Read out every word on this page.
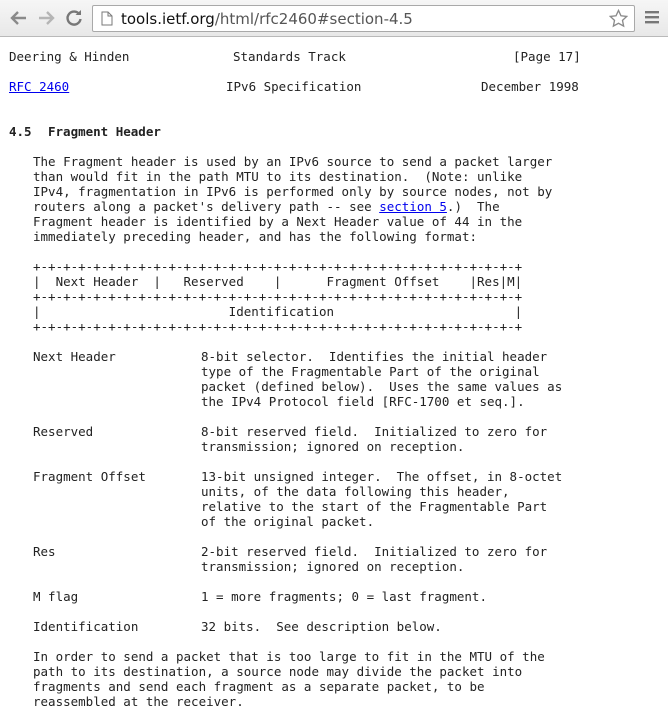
tools.ietf.org/html/rfc2460#section-4.5

Deering & Hinden

	Standards Track

	[Page 17]

RFC 2460

	IPv6 Specification

	December 1998

4.5

Fragment Header

The Fragment header is used by an IPv6 source to send a packet larger

than would fit in the path MTU to its destination.  (Note: unlike

IPv4, fragmentation in IPv6 is performed only by source nodes, not by

routers along a packet's delivery path -- see section 5.)  The

Fragment header is identified by a Next Header value of 44 in the

immediately preceding header, and has the following format:

+-+-+-+-+-+-+-+-+-+-+-+-+-+-+-+-+-+-+-+-+-+-+-+-+-+-+-+-+-+-+-+-+

|  Next Header  |   Reserved    |      Fragment Offset    |Res|M|

+-+-+-+-+-+-+-+-+-+-+-+-+-+-+-+-+-+-+-+-+-+-+-+-+-+-+-+-+-+-+-+-+

|                         Identification                        |

+-+-+-+-+-+-+-+-+-+-+-+-+-+-+-+-+-+-+-+-+-+-+-+-+-+-+-+-+-+-+-+-+

Next Header

	8-bit selector.  Identifies the initial header

type of the Fragmentable Part of the original

packet (defined below).  Uses the same values as

the IPv4 Protocol field [RFC-1700 et seq.].

Reserved

	8-bit reserved field.  Initialized to zero for

transmission; ignored on reception.

Fragment Offset

	13-bit unsigned integer.  The offset, in 8-octet

units, of the data following this header,

relative to the start of the Fragmentable Part

of the original packet.

Res

	2-bit reserved field.  Initialized to zero for

transmission; ignored on reception.

M flag

	1 = more fragments; 0 = last fragment.

Identification

	32 bits.  See description below.

In order to send a packet that is too large to fit in the MTU of the

path to its destination, a source node may divide the packet into

fragments and send each fragment as a separate packet, to be

reassembled at the receiver.
